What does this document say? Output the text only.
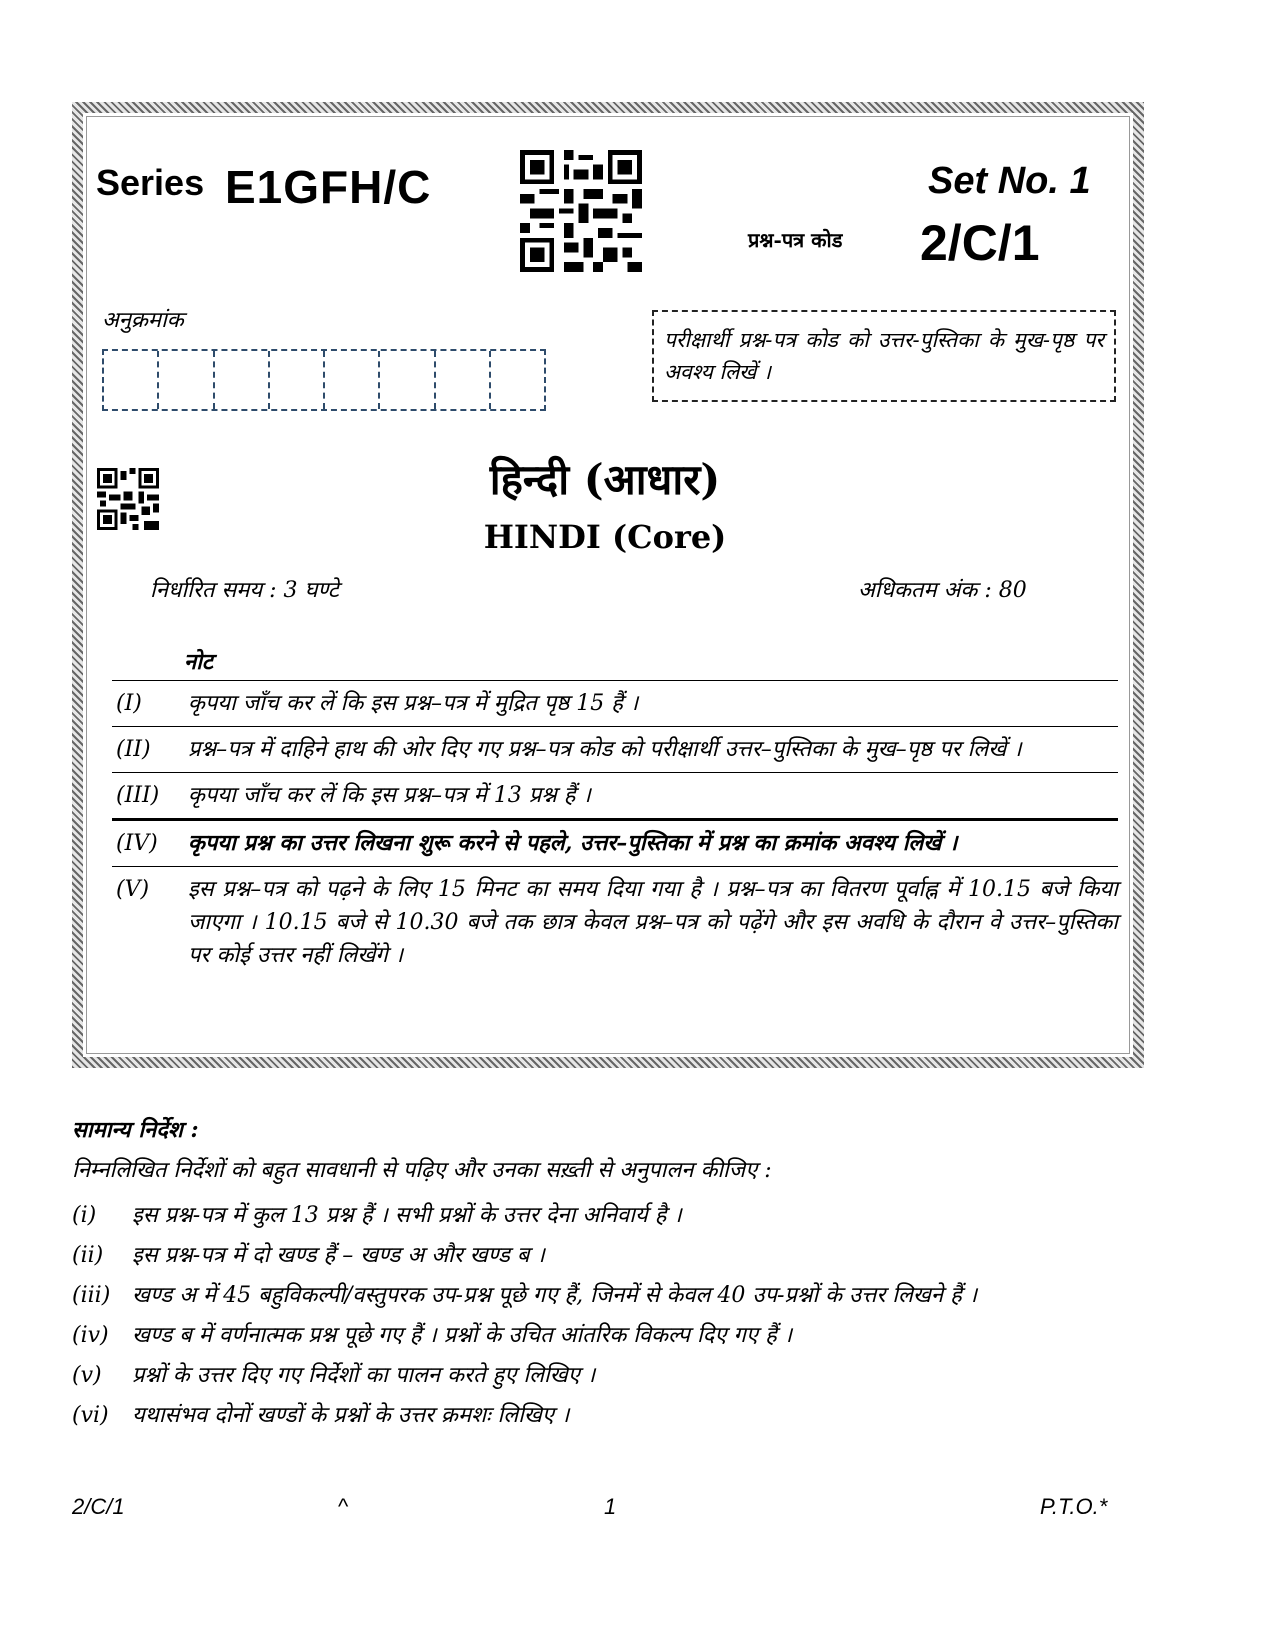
Series E1GFH/C	Set No. 1
प्रश्न-पत्र कोड 2/C/1
अनुक्रमांक
परीक्षार्थी प्रश्न-पत्र कोड को उत्तर-पुस्तिका के मुख-पृष्ठ पर अवश्य लिखें ।
हिन्दी (आधार)
HINDI (Core)
निर्धारित समय : 3 घण्टे	अधिकतम अंक : 80
नोट
(I)	कृपया जाँच कर लें कि इस प्रश्न–पत्र में मुद्रित पृष्ठ 15 हैं ।
(II)	प्रश्न–पत्र में दाहिने हाथ की ओर दिए गए प्रश्न–पत्र कोड को परीक्षार्थी उत्तर–पुस्तिका के मुख–पृष्ठ पर लिखें ।
(III)	कृपया जाँच कर लें कि इस प्रश्न–पत्र में 13 प्रश्न हैं ।
(IV)	कृपया प्रश्न का उत्तर लिखना शुरू करने से पहले, उत्तर–पुस्तिका में प्रश्न का क्रमांक अवश्य लिखें ।
(V)	इस प्रश्न–पत्र को पढ़ने के लिए 15 मिनट का समय दिया गया है । प्रश्न–पत्र का वितरण पूर्वाह्न में 10.15 बजे किया जाएगा । 10.15 बजे से 10.30 बजे तक छात्र केवल प्रश्न–पत्र को पढ़ेंगे और इस अवधि के दौरान वे उत्तर–पुस्तिका पर कोई उत्तर नहीं लिखेंगे ।
सामान्य निर्देश :
निम्नलिखित निर्देशों को बहुत सावधानी से पढ़िए और उनका सख़्ती से अनुपालन कीजिए :
(i)	इस प्रश्न-पत्र में कुल 13 प्रश्न हैं । सभी प्रश्नों के उत्तर देना अनिवार्य है ।
(ii)	इस प्रश्न-पत्र में दो खण्ड हैं – खण्ड अ और खण्ड ब ।
(iii) खण्ड अ में 45 बहुविकल्पी/वस्तुपरक उप-प्रश्न पूछे गए हैं, जिनमें से केवल 40 उप-प्रश्नों के उत्तर लिखने हैं ।
(iv)	खण्ड ब में वर्णनात्मक प्रश्न पूछे गए हैं । प्रश्नों के उचित आंतरिक विकल्प दिए गए हैं ।
(v)	प्रश्नों के उत्तर दिए गए निर्देशों का पालन करते हुए लिखिए ।
(vi)	यथासंभव दोनों खण्डों के प्रश्नों के उत्तर क्रमशः लिखिए ।
2/C/1	^	1	P.T.O.*
